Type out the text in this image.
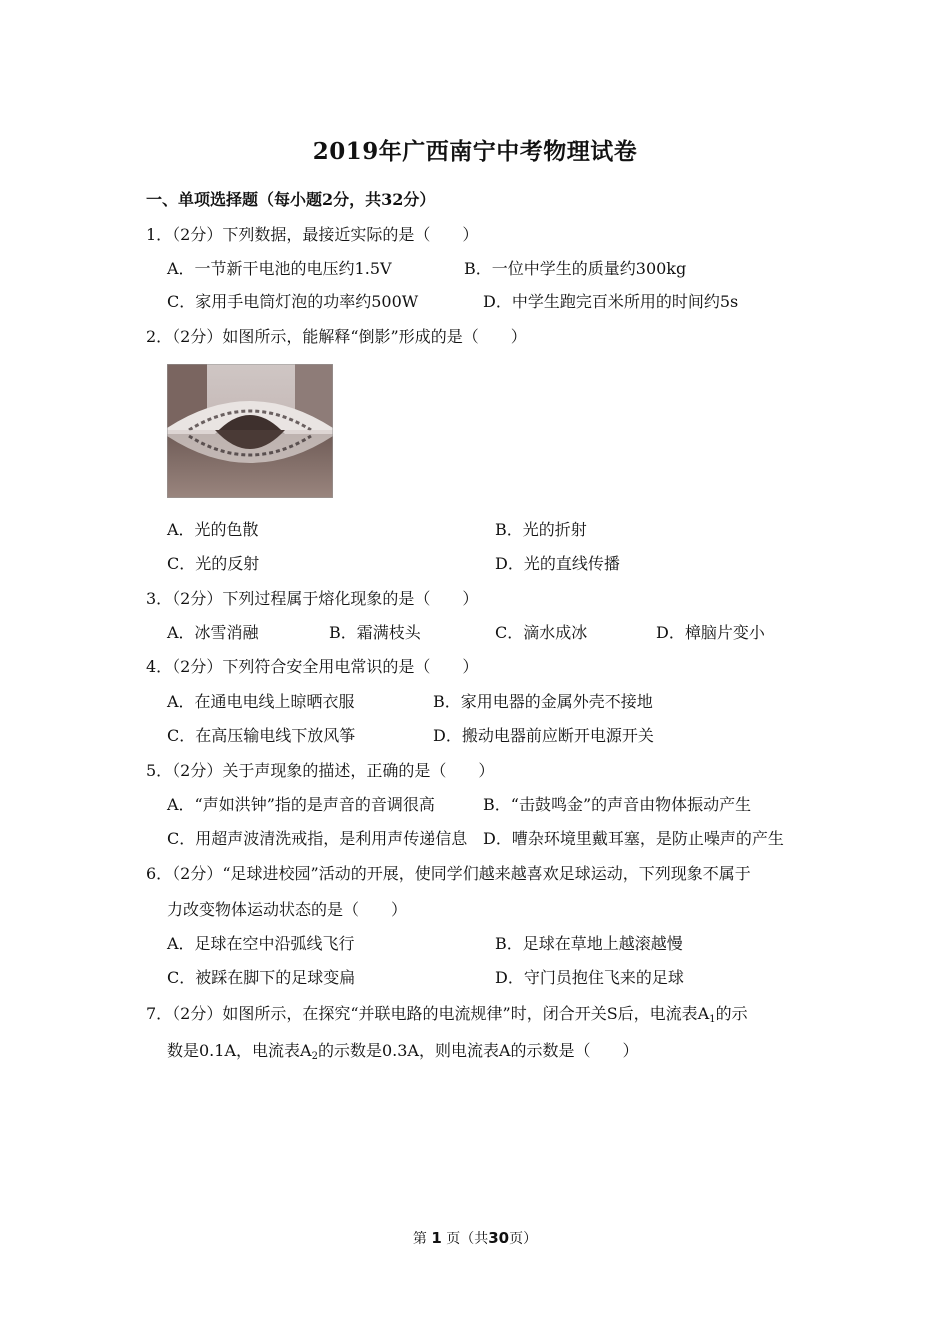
2019年广西南宁中考物理试卷
一、单项选择题（每小题2分，共32分）
1．（2分）下列数据，最接近实际的是（　　）
A．一节新干电池的电压约1.5V	B．一位中学生的质量约300kg
C．家用手电筒灯泡的功率约500W	D．中学生跑完百米所用的时间约5s
2．（2分）如图所示，能解释“倒影”形成的是（　　）
A．光的色散	B．光的折射
C．光的反射	D．光的直线传播
3．（2分）下列过程属于熔化现象的是（　　）
A．冰雪消融	B．霜满枝头	C．滴水成冰	D．樟脑片变小
4．（2分）下列符合安全用电常识的是（　　）
A．在通电电线上晾晒衣服	B．家用电器的金属外壳不接地
C．在高压输电线下放风筝	D．搬动电器前应断开电源开关
5．（2分）关于声现象的描述，正确的是（　　）
A．“声如洪钟”指的是声音的音调很高	B．“击鼓鸣金”的声音由物体振动产生
C．用超声波清洗戒指，是利用声传递信息 D．嘈杂环境里戴耳塞，是防止噪声的产生
6．（2分）“足球进校园”活动的开展，使同学们越来越喜欢足球运动，下列现象不属于
力改变物体运动状态的是（　　）
A．足球在空中沿弧线飞行	B．足球在草地上越滚越慢
C．被踩在脚下的足球变扁	D．守门员抱住飞来的足球
7．（2分）如图所示，在探究“并联电路的电流规律”时，闭合开关S后，电流表$A_1$的示
数是0.1A，电流表$A_2$的示数是0.3A，则电流表A的示数是（　　）
第 1 页（共30页）
